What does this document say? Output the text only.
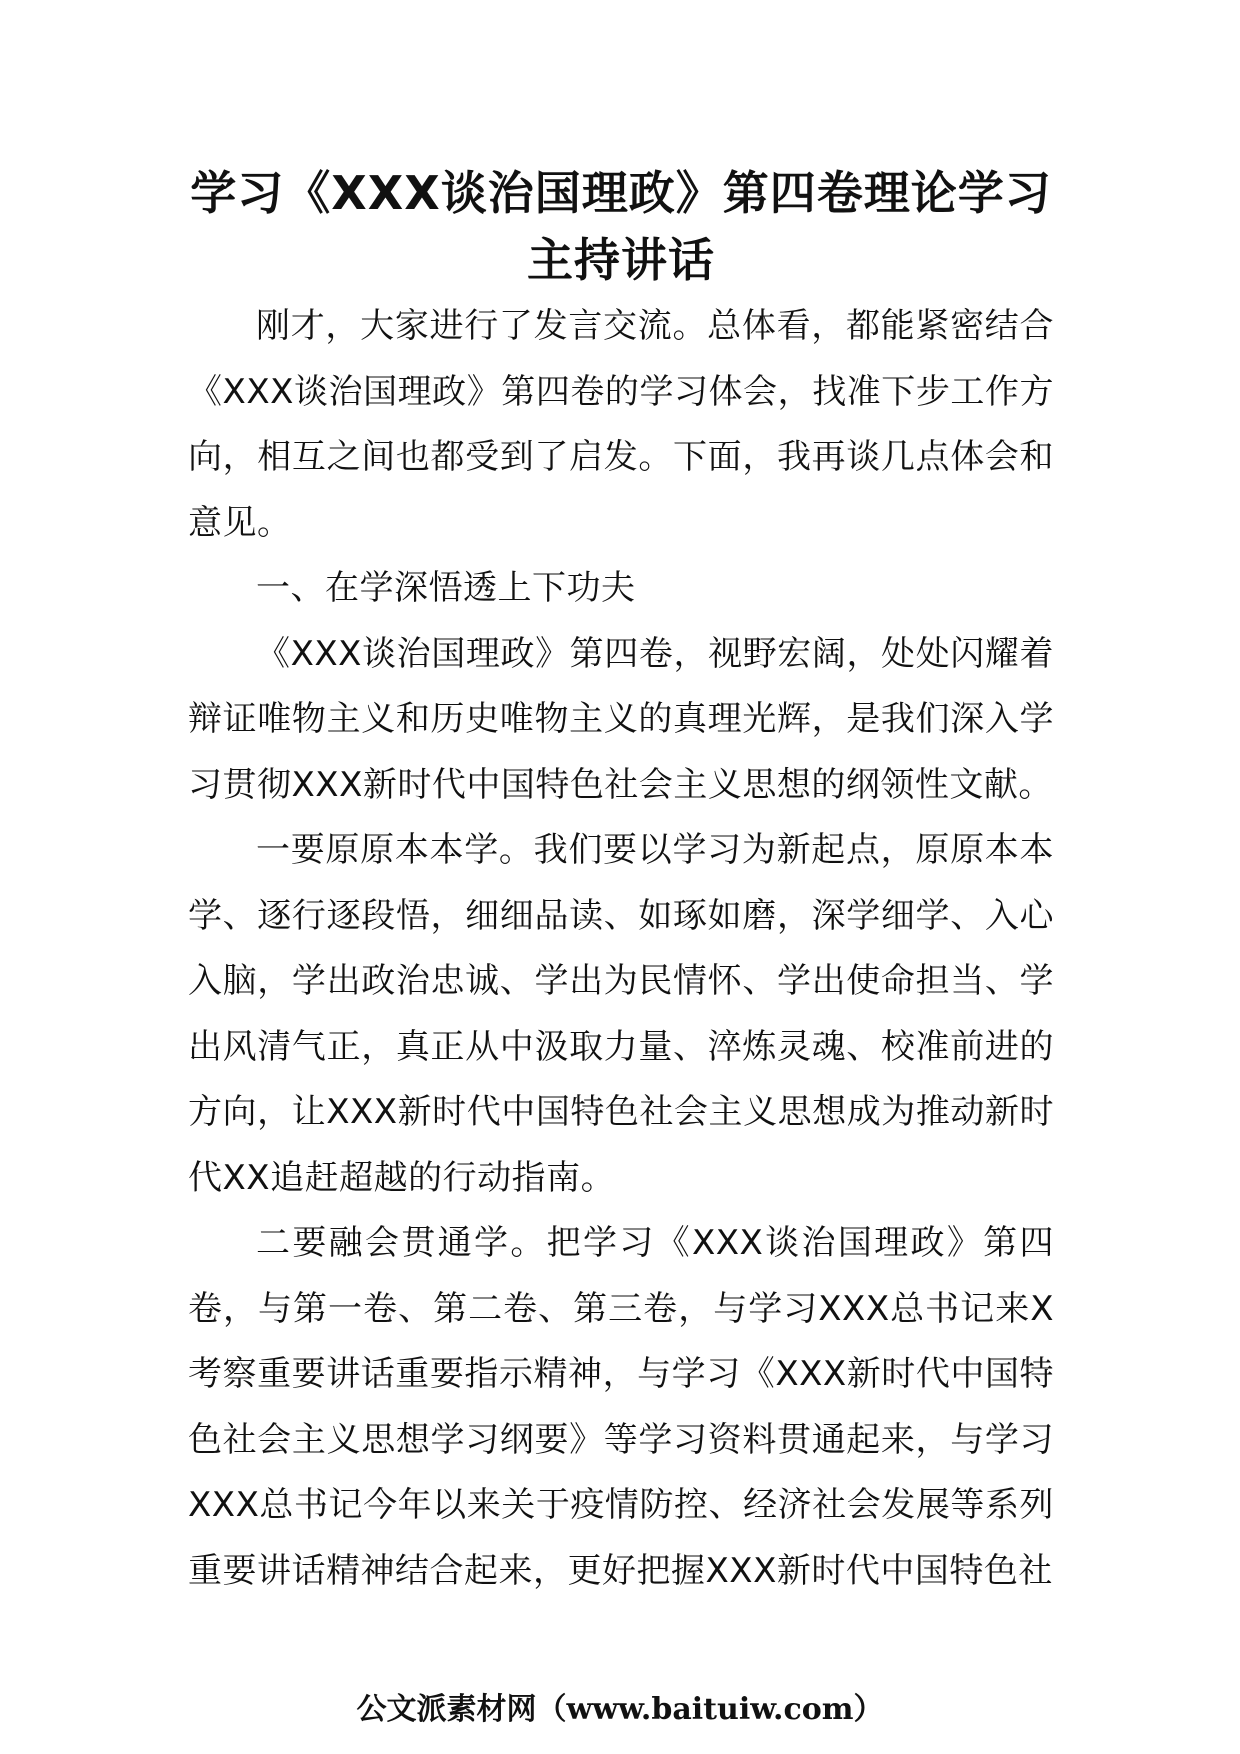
学习《XXX谈治国理政》第四卷理论学习主持讲话

刚才，大家进行了发言交流。总体看，都能紧密结合《XXX谈治国理政》第四卷的学习体会，找准下步工作方向，相互之间也都受到了启发。下面，我再谈几点体会和意见。

一、在学深悟透上下功夫

《XXX谈治国理政》第四卷，视野宏阔，处处闪耀着辩证唯物主义和历史唯物主义的真理光辉，是我们深入学习贯彻XXX新时代中国特色社会主义思想的纲领性文献。

一要原原本本学。我们要以学习为新起点，原原本本学、逐行逐段悟，细细品读、如琢如磨，深学细学、入心入脑，学出政治忠诚、学出为民情怀、学出使命担当、学出风清气正，真正从中汲取力量、淬炼灵魂、校准前进的方向，让XXX新时代中国特色社会主义思想成为推动新时代XX追赶超越的行动指南。

二要融会贯通学。把学习《XXX谈治国理政》第四卷，与第一卷、第二卷、第三卷，与学习XXX总书记来X考察重要讲话重要指示精神，与学习《XXX新时代中国特色社会主义思想学习纲要》等学习资料贯通起来，与学习XXX总书记今年以来关于疫情防控、经济社会发展等系列重要讲话精神结合起来，更好把握XXX新时代中国特色社

公文派素材网（www.baituiw.com）
